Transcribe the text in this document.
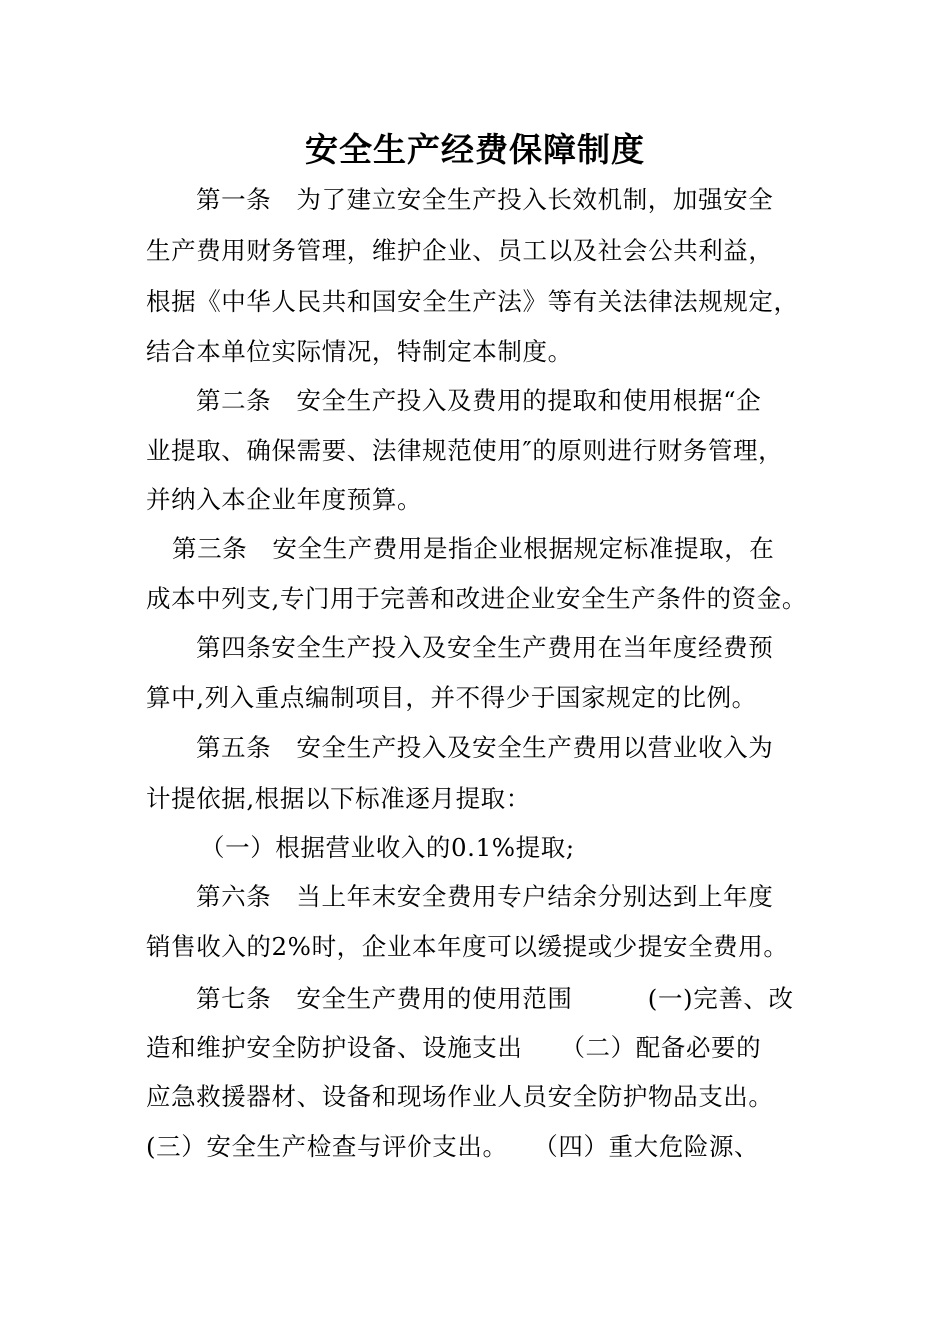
安全生产经费保障制度
第一条　为了建立安全生产投入长效机制，加强安全
生产费用财务管理，维护企业、员工以及社会公共利益，
根据《中华人民共和国安全生产法》等有关法律法规规定，
结合本单位实际情况，特制定本制度。
第二条　安全生产投入及费用的提取和使用根据“企
业提取、确保需要、法律规范使用″的原则进行财务管理，
并纳入本企业年度预算。
第三条　安全生产费用是指企业根据规定标准提取，在
成本中列支,专门用于完善和改进企业安全生产条件的资金。
第四条安全生产投入及安全生产费用在当年度经费预
算中,列入重点编制项目，并不得少于国家规定的比例。
第五条　安全生产投入及安全生产费用以营业收入为
计提依据,根据以下标准逐月提取：
（一）根据营业收入的0.1%提取;
第六条　当上年末安全费用专户结余分别达到上年度
销售收入的2%时，企业本年度可以缓提或少提安全费用。
第七条　安全生产费用的使用范围　　　(一)完善、改
造和维护安全防护设备、设施支出　　（二）配备必要的
应急救援器材、设备和现场作业人员安全防护物品支出。
(三）安全生产检查与评价支出。　　（四）重大危险源、
